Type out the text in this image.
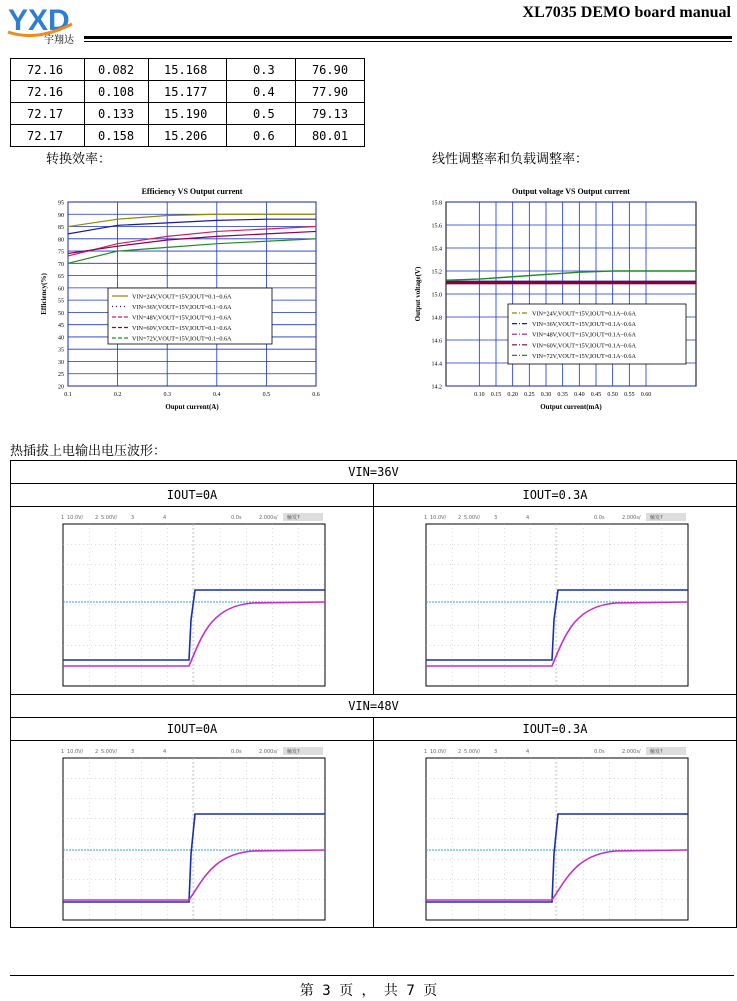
YXD
宇翔达
XL7035 DEMO board manual
72.16	0.082	15.168	0.3	76.90
72.16	0.108	15.177	0.4	77.90
72.17	0.133	15.190	0.5	79.13
72.17	0.158	15.206	0.6	80.01
转换效率：	线性调整率和负载调整率：
Efficiency VS Output current
20
25
30
35
40
45
50
55
60
65
70
75
80
85
90
95
0.1	0.2	0.3	0.4	0.5	0.6
Ouput current(A)
Efficiency(%)	VIN=24V,VOUT=15V,IOUT=0.1~0.6A
VIN=36V,VOUT=15V,IOUT=0.1~0.6A
VIN=48V,VOUT=15V,IOUT=0.1~0.6A
VIN=60V,VOUT=15V,IOUT=0.1~0.6A
VIN=72V,VOUT=15V,IOUT=0.1~0.6A
Output voltage VS Output current
14.2
14.4
14.6
14.8
15.0
15.2
15.4
15.6
15.8
0.10 0.15 0.20 0.25 0.30 0.35 0.40 0.45 0.50 0.55 0.60
Output current(mA)
Output voltage(V)	VIN=24V,VOUT=15V,IOUT=0.1A~0.6A
VIN=36V,VOUT=15V,IOUT=0.1A~0.6A
VIN=48V,VOUT=15V,IOUT=0.1A~0.6A
VIN=60V,VOUT=15V,IOUT=0.1A~0.6A
VIN=72V,VOUT=15V,IOUT=0.1A~0.6A
热插拔上电输出电压波形：
VIN=36V
IOUT=0A
1 10.0V/ 2 5.00V/	3	4	0.0s	2.000s/ 触发?
IOUT=0.3A
1 10.0V/ 2 5.00V/	3	4	0.0s	2.000s/ 触发?
VIN=48V
IOUT=0A
1 10.0V/ 2 5.00V/	3	4	0.0s	2.000s/ 触发?
IOUT=0.3A
1 10.0V/ 2 5.00V/	3	4	0.0s	2.000s/ 触发?
第 3 页 ， 共 7 页
